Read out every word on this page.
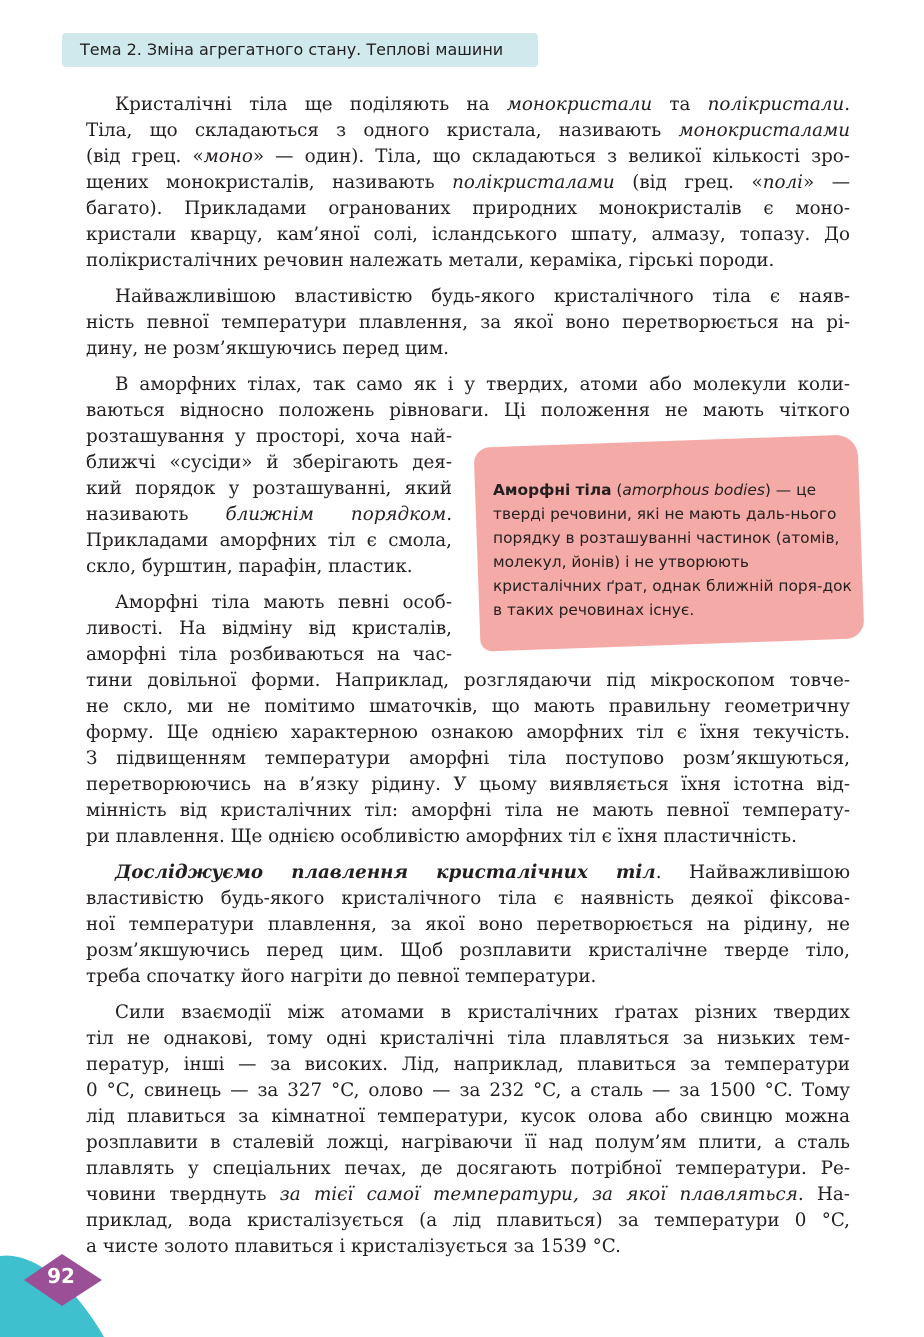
Тема 2. Зміна агрегатного стану. Теплові машини
Аморфні тіла (amorphous bodies) — це тверді речовини, які не мають даль-нього порядку в розташуванні частинок (атомів, молекул, йонів) і не утворюють кристалічних ґрат, однак ближній поря-док в таких речовинах існує.
Кристалічні тіла ще поділяють на монокристали та полікристали.
Тіла, що складаються з одного кристала, називають монокристалами
(від грец. «моно» — один). Тіла, що складаються з великої кількості зро-
щених монокристалів, називають полікристалами (від грец. «полі» —
багато). Прикладами огранованих природних монокристалів є моно-
кристали кварцу, кам’яної солі, ісландського шпату, алмазу, топазу. До
полікристалічних речовин належать метали, кераміка, гірські породи.
Найважливішою властивістю будь-якого кристалічного тіла є наяв-
ність певної температури плавлення, за якої воно перетворюється на рі-
дину, не розм’якшуючись перед цим.
В аморфних тілах, так само як і у твердих, атоми або молекули коли-
ваються відносно положень рівноваги. Ці положення не мають чіткого
розташування у просторі, хоча най-
ближчі «сусіди» й зберігають дея-
кий порядок у розташуванні, який
називають ближнім порядком.
Прикладами аморфних тіл є смола,
скло, бурштин, парафін, пластик.
Аморфні тіла мають певні особ-
ливості. На відміну від кристалів,
аморфні тіла розбиваються на час-
тини довільної форми. Наприклад, розглядаючи під мікроскопом товче-
не скло, ми не помітимо шматочків, що мають правильну геометричну
форму. Ще однією характерною ознакою аморфних тіл є їхня текучість.
З підвищенням температури аморфні тіла поступово розм’якшуються,
перетворюючись на в’язку рідину. У цьому виявляється їхня істотна від-
мінність від кристалічних тіл: аморфні тіла не мають певної температу-
ри плавлення. Ще однією особливістю аморфних тіл є їхня пластичність.
Досліджуємо плавлення кристалічних тіл. Найважливішою
властивістю будь-якого кристалічного тіла є наявність деякої фіксова-
ної температури плавлення, за якої воно перетворюється на рідину, не
розм’якшуючись перед цим. Щоб розплавити кристалічне тверде тіло,
треба спочатку його нагріти до певної температури.
Сили взаємодії між атомами в кристалічних ґратах різних твердих
тіл не однакові, тому одні кристалічні тіла плавляться за низьких тем-
ператур, інші — за високих. Лід, наприклад, плавиться за температури
0 °C, свинець — за 327 °C, олово — за 232 °C, а сталь — за 1500 °C. Тому
лід плавиться за кімнатної температури, кусок олова або свинцю можна
розплавити в сталевій ложці, нагріваючи її над полум’ям плити, а сталь
плавлять у спеціальних печах, де досягають потрібної температури. Ре-
човини тверднуть за тієї самої температури, за якої плавляться. На-
приклад, вода кристалізується (а лід плавиться) за температури 0 °C,
а чисте золото плавиться і кристалізується за 1539 °C.
92
